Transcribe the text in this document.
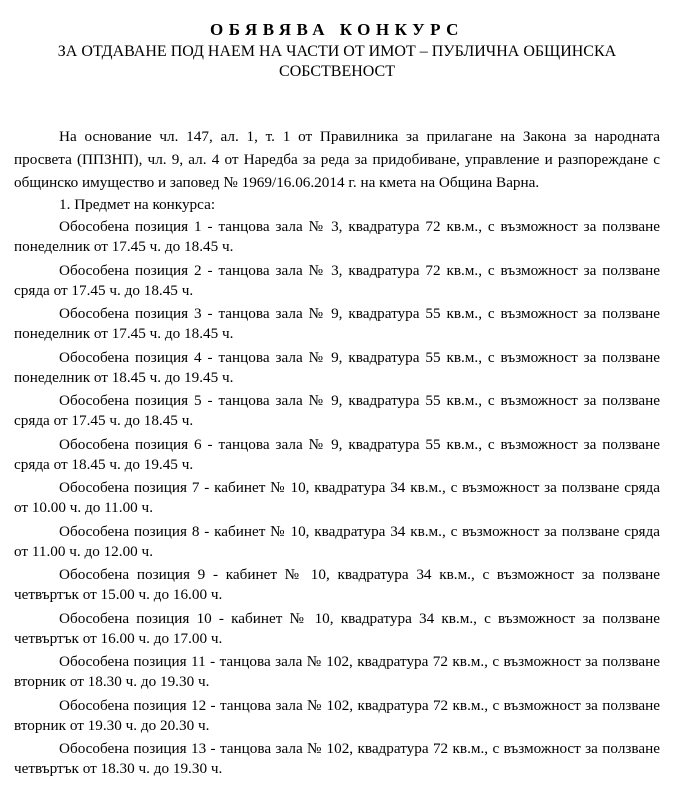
ОБЯВЯВА КОНКУРС

ЗА ОТДАВАНЕ ПОД НАЕМ НА ЧАСТИ ОТ ИМОТ – ПУБЛИЧНА ОБЩИНСКА СОБСТВЕНОСТ

На основание чл. 147, ал. 1, т. 1 от Правилника за прилагане на Закона за народната просвета (ППЗНП), чл. 9, ал. 4 от Наредба за реда за придобиване, управление и разпореждане с общинско имущество и заповед № 1969/16.06.2014 г. на кмета на Община Варна.

1. Предмет на конкурса:

Обособена позиция 1 - танцова зала № 3, квадратура 72 кв.м., с възможност за ползване понеделник от 17.45 ч. до 18.45 ч.

Обособена позиция 2 - танцова зала № 3, квадратура 72 кв.м., с възможност за ползване сряда от 17.45 ч. до 18.45 ч.

Обособена позиция 3 - танцова зала № 9, квадратура 55 кв.м., с възможност за ползване понеделник от 17.45 ч. до 18.45 ч.

Обособена позиция 4 - танцова зала № 9, квадратура 55 кв.м., с възможност за ползване понеделник от 18.45 ч. до 19.45 ч.

Обособена позиция 5 - танцова зала № 9, квадратура 55 кв.м., с възможност за ползване сряда от 17.45 ч. до 18.45 ч.

Обособена позиция 6 - танцова зала № 9, квадратура 55 кв.м., с възможност за ползване сряда от 18.45 ч. до 19.45 ч.

Обособена позиция 7 - кабинет № 10, квадратура 34 кв.м., с възможност за ползване сряда от 10.00 ч. до 11.00 ч.

Обособена позиция 8 - кабинет № 10, квадратура 34 кв.м., с възможност за ползване сряда от 11.00 ч. до 12.00 ч.

Обособена позиция 9 - кабинет № 10, квадратура 34 кв.м., с възможност за ползване четвъртък от 15.00 ч. до 16.00 ч.

Обособена позиция 10 - кабинет № 10, квадратура 34 кв.м., с възможност за ползване четвъртък от 16.00 ч. до 17.00 ч.

Обособена позиция 11 - танцова зала № 102, квадратура 72 кв.м., с възможност за ползване вторник от 18.30 ч. до 19.30 ч.

Обособена позиция 12 - танцова зала № 102, квадратура 72 кв.м., с възможност за ползване вторник от 19.30 ч. до 20.30 ч.

Обособена позиция 13 - танцова зала № 102, квадратура 72 кв.м., с възможност за ползване четвъртък от 18.30 ч. до 19.30 ч.
